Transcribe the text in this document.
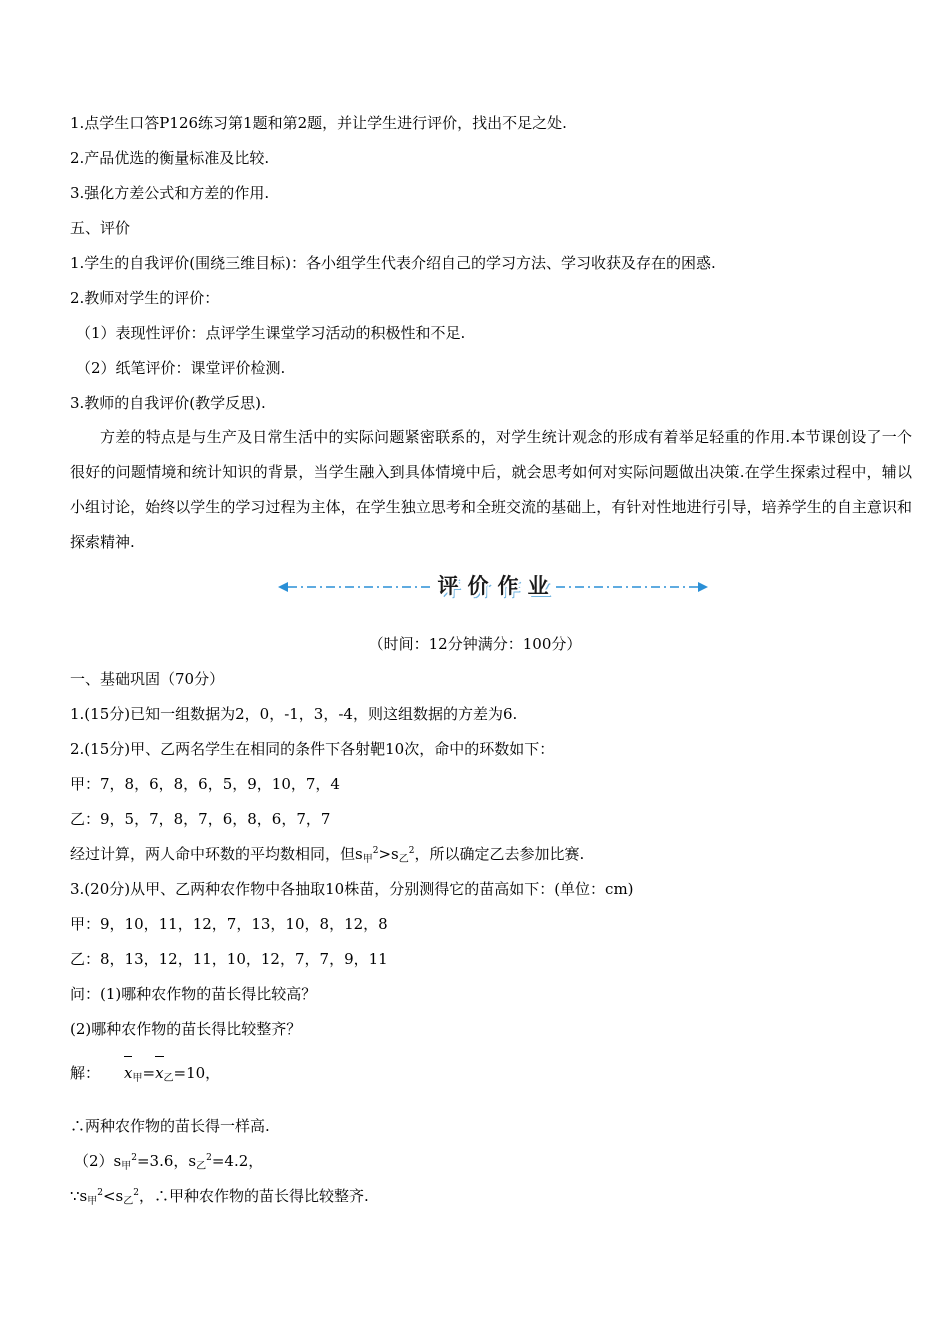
1.点学生口答P126练习第1题和第2题，并让学生进行评价，找出不足之处.
2.产品优选的衡量标准及比较.
3.强化方差公式和方差的作用.
五、评价
1.学生的自我评价(围绕三维目标)：各小组学生代表介绍自己的学习方法、学习收获及存在的困惑.
2.教师对学生的评价：
（1）表现性评价：点评学生课堂学习活动的积极性和不足.
（2）纸笔评价：课堂评价检测.
3.教师的自我评价(教学反思).
方差的特点是与生产及日常生活中的实际问题紧密联系的，对学生统计观念的形成有着举足轻重的作用.本节课创设了一个很好的问题情境和统计知识的背景，当学生融入到具体情境中后，就会思考如何对实际问题做出决策.在学生探索过程中，辅以小组讨论，始终以学生的学习过程为主体，在学生独立思考和全班交流的基础上，有针对性地进行引导，培养学生的自主意识和探索精神.
评 价 作 业
（时间：12分钟满分：100分）
一、基础巩固（70分）
1.(15分)已知一组数据为2，0，-1，3，-4，则这组数据的方差为6.
2.(15分)甲、乙两名学生在相同的条件下各射靶10次，命中的环数如下：
甲：7，8，6，8，6，5，9，10，7，4
乙：9，5，7，8，7，6，8，6，7，7
经过计算，两人命中环数的平均数相同，但$s_甲^2>s_乙^2$，所以确定乙去参加比赛.
3.(20分)从甲、乙两种农作物中各抽取10株苗，分别测得它的苗高如下：(单位：cm)
甲：9，10，11，12，7，13，10，8，12，8
乙：8，13，12，11，10，12，7，7，9，11
问：(1)哪种农作物的苗长得比较高？
(2)哪种农作物的苗长得比较整齐？
解： $x_甲=x_乙=10$，
∴两种农作物的苗长得一样高.
$(2)s_甲^2=3.6$，$s_乙^2=4.2$，
$\because s_甲^2<s_乙^2$，∴甲种农作物的苗长得比较整齐.
